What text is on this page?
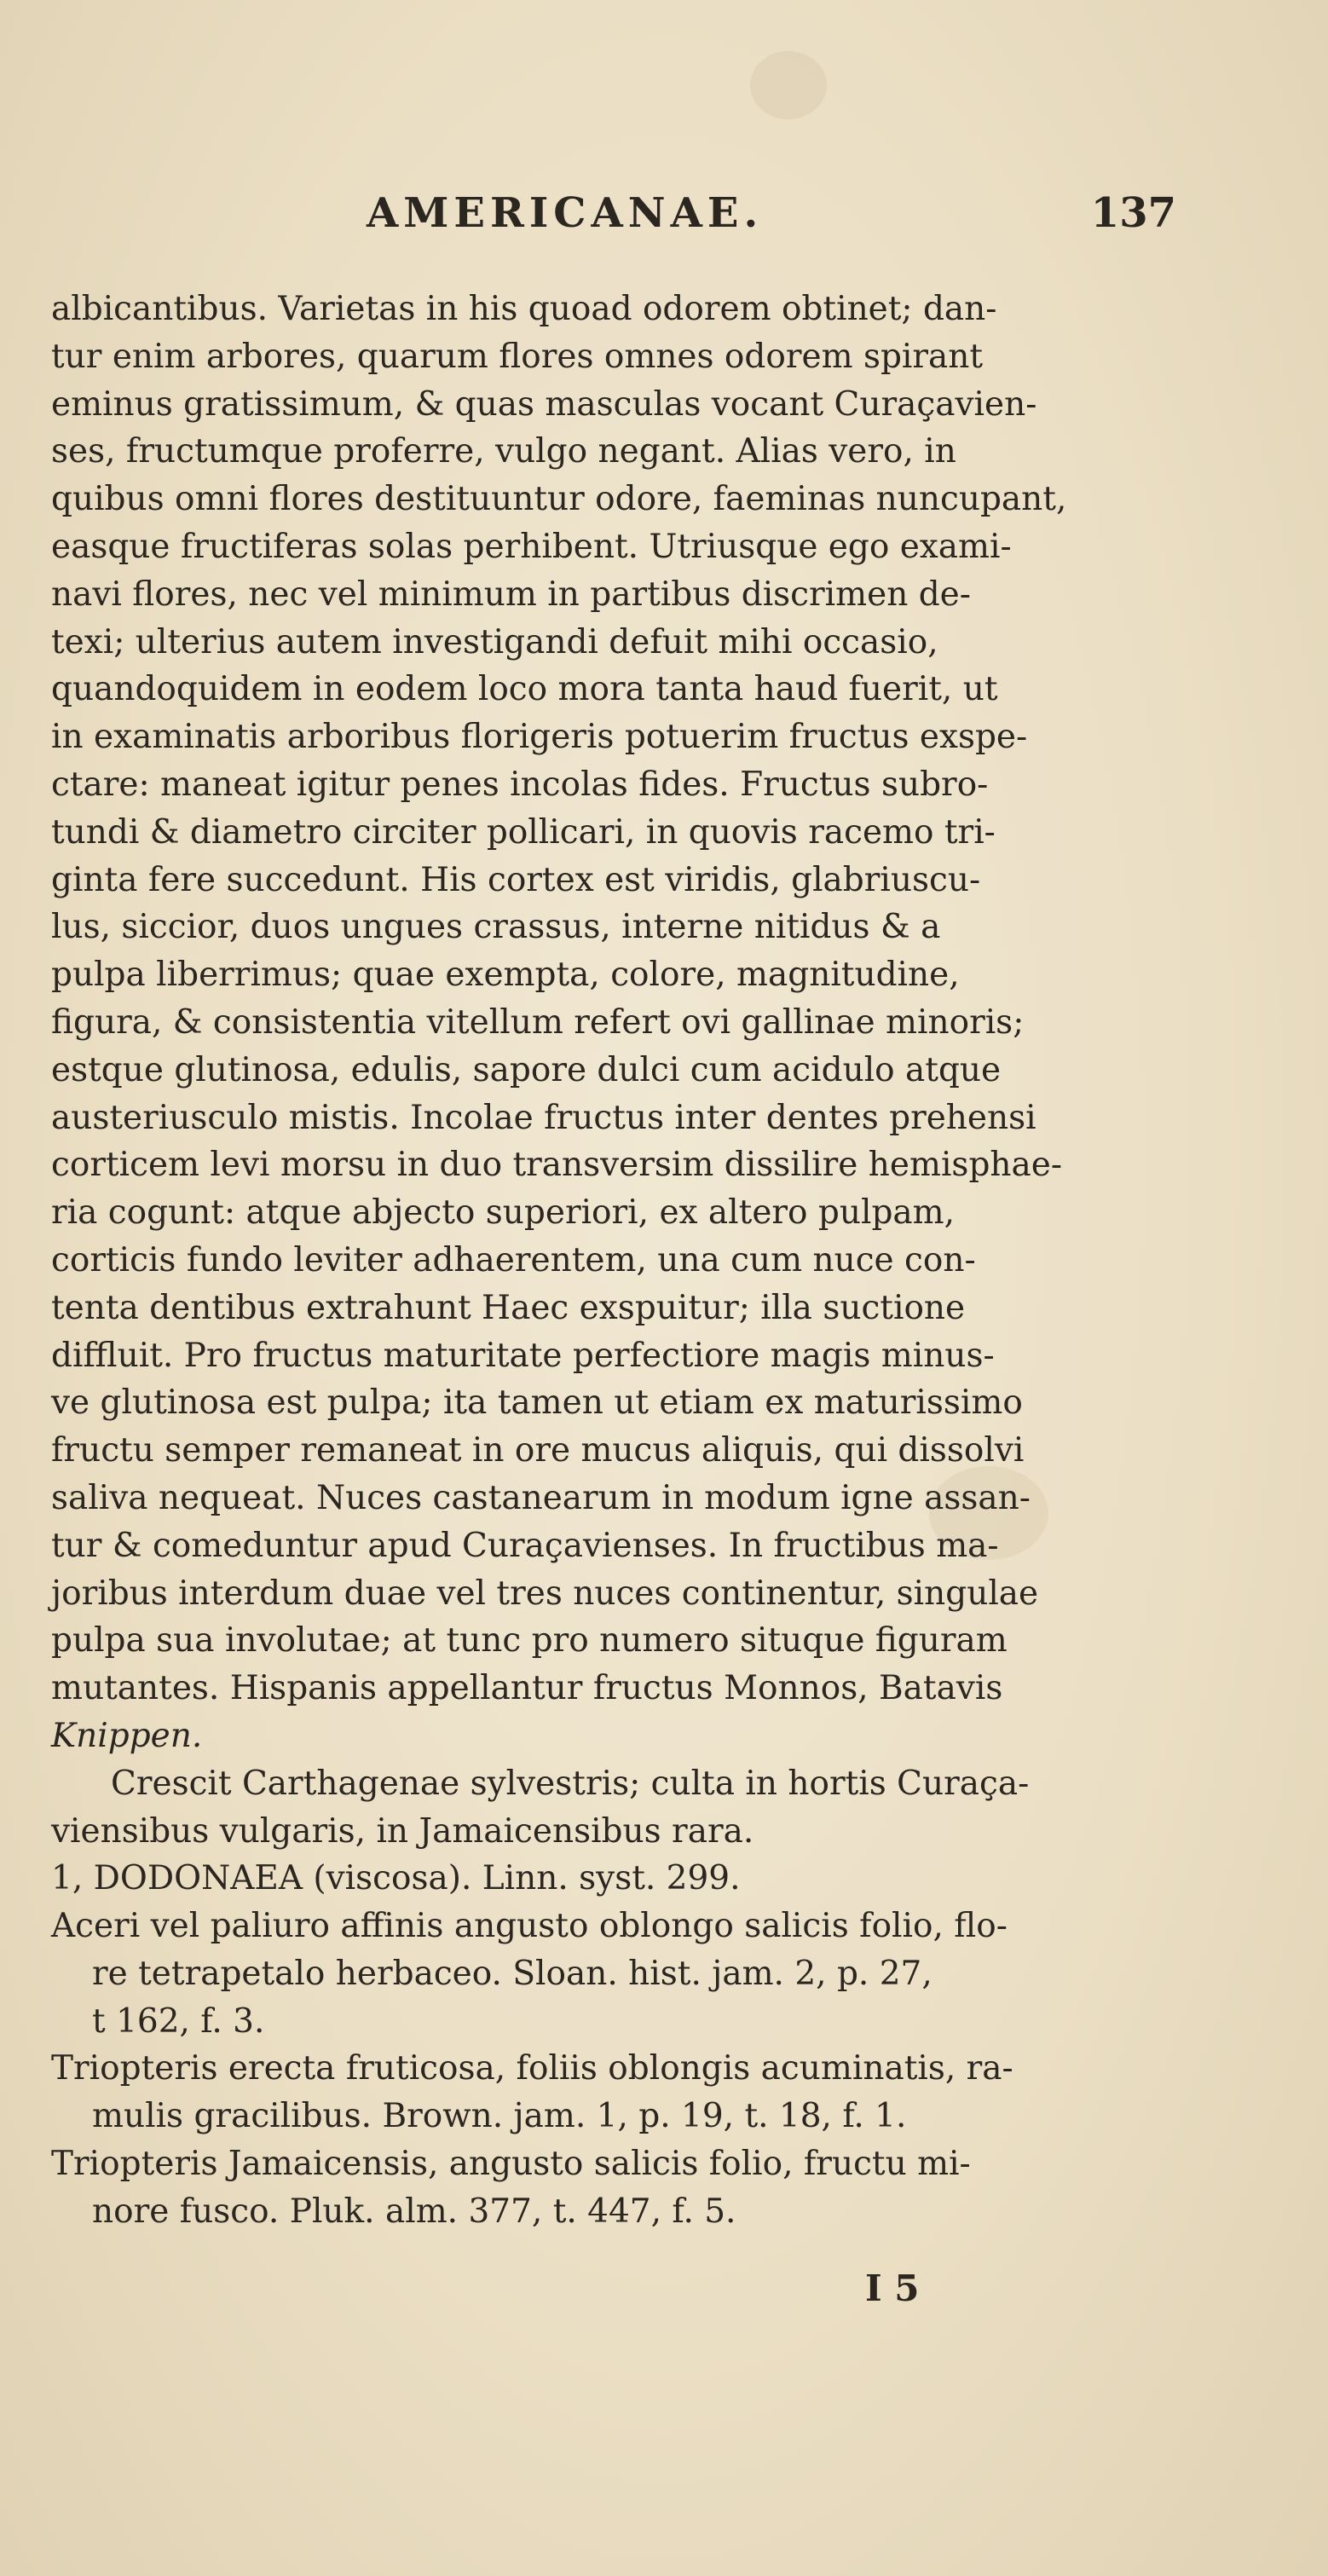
AMERICANAE.	137
albicantibus. Varietas in his quoad odorem obtinet; dan-
tur enim arbores, quarum flores omnes odorem spirant
eminus gratissimum, & quas masculas vocant Curaçavien-
ses, fructumque proferre, vulgo negant. Alias vero, in
quibus omni flores destituuntur odore, faeminas nuncupant,
easque fructiferas solas perhibent. Utriusque ego exami-
navi flores, nec vel minimum in partibus discrimen de-
texi; ulterius autem investigandi defuit mihi occasio,
quandoquidem in eodem loco mora tanta haud fuerit, ut
in examinatis arboribus florigeris potuerim fructus exspe-
ctare: maneat igitur penes incolas fides. Fructus subro-
tundi & diametro circiter pollicari, in quovis racemo tri-
ginta fere succedunt. His cortex est viridis, glabriuscu-
lus, siccior, duos ungues crassus, interne nitidus & a
pulpa liberrimus; quae exempta, colore, magnitudine,
figura, & consistentia vitellum refert ovi gallinae minoris;
estque glutinosa, edulis, sapore dulci cum acidulo atque
austeriusculo mistis. Incolae fructus inter dentes prehensi
corticem levi morsu in duo transversim dissilire hemisphae-
ria cogunt: atque abjecto superiori, ex altero pulpam,
corticis fundo leviter adhaerentem, una cum nuce con-
tenta dentibus extrahunt Haec exspuitur; illa suctione
diffluit. Pro fructus maturitate perfectiore magis minus-
ve glutinosa est pulpa; ita tamen ut etiam ex maturissimo
fructu semper remaneat in ore mucus aliquis, qui dissolvi
saliva nequeat. Nuces castanearum in modum igne assan-
tur & comeduntur apud Curaçavienses. In fructibus ma-
joribus interdum duae vel tres nuces continentur, singulae
pulpa sua involutae; at tunc pro numero situque figuram
mutantes. Hispanis appellantur fructus Monnos, Batavis
Knippen.
Crescit Carthagenae sylvestris; culta in hortis Curaça-
viensibus vulgaris, in Jamaicensibus rara.
1, DODONAEA (viscosa). Linn. syst. 299.
Aceri vel paliuro affinis angusto oblongo salicis folio, flo-
re tetrapetalo herbaceo. Sloan. hist. jam. 2, p. 27,
t 162, f. 3.
Triopteris erecta fruticosa, foliis oblongis acuminatis, ra-
mulis gracilibus. Brown. jam. 1, p. 19, t. 18, f. 1.
Triopteris Jamaicensis, angusto salicis folio, fructu mi-
nore fusco. Pluk. alm. 377, t. 447, f. 5.
I 5
